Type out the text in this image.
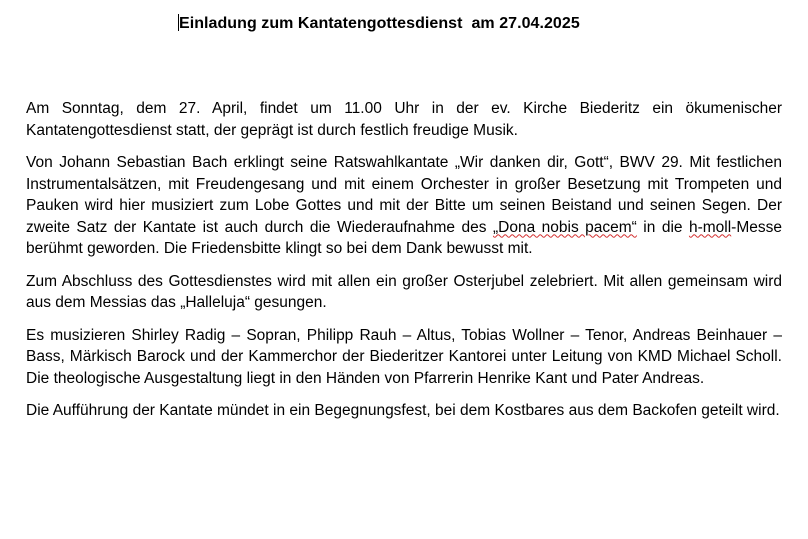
Einladung zum Kantatengottesdienst  am 27.04.2025

Am Sonntag, dem 27. April, findet um 11.00 Uhr in der ev. Kirche Biederitz ein ökumenischer Kantatengottesdienst statt, der geprägt ist durch festlich freudige Musik.

Von Johann Sebastian Bach erklingt seine Ratswahlkantate „Wir danken dir, Gott“, BWV 29. Mit festlichen Instrumentalsätzen, mit Freudengesang und mit einem Orchester in großer Besetzung mit Trompeten und Pauken wird hier musiziert zum Lobe Gottes und mit der Bitte um seinen Beistand und seinen Segen. Der zweite Satz der Kantate ist auch durch die Wiederaufnahme des „Dona nobis pacem“ in die h-moll-Messe berühmt geworden. Die Friedensbitte klingt so bei dem Dank bewusst mit.

Zum Abschluss des Gottesdienstes wird mit allen ein großer Osterjubel zelebriert. Mit allen gemeinsam wird aus dem Messias das „Halleluja“ gesungen.

Es musizieren Shirley Radig – Sopran, Philipp Rauh – Altus, Tobias Wollner – Tenor, Andreas Beinhauer – Bass, Märkisch Barock und der Kammerchor der Biederitzer Kantorei unter Leitung von KMD Michael Scholl. Die theologische Ausgestaltung liegt in den Händen von Pfarrerin Henrike Kant und Pater Andreas.

Die Aufführung der Kantate mündet in ein Begegnungsfest, bei dem Kostbares aus dem Backofen geteilt wird.
